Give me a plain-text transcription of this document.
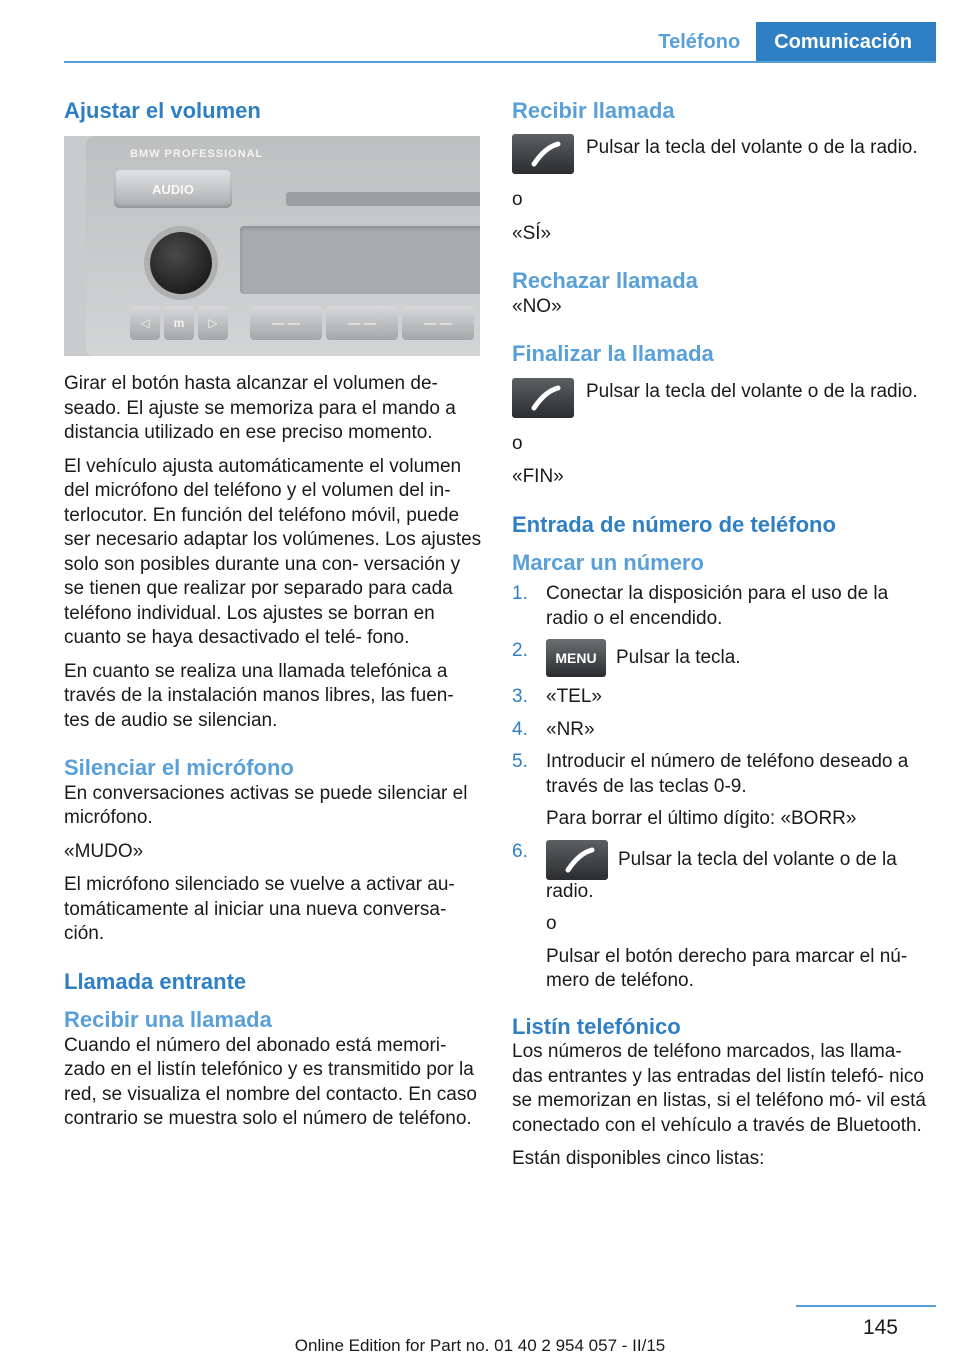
Teléfono	Comunicación
Ajustar el volumen
BMW PROFESSIONAL
AUDIO
◁	m	▷	— —	— —	— —

Girar el botón hasta alcanzar el volumen de- seado. El ajuste se memoriza para el mando a distancia utilizado en ese preciso momento.

El vehículo ajusta automáticamente el volumen del micrófono del teléfono y el volumen del in- terlocutor. En función del teléfono móvil, puede ser necesario adaptar los volúmenes. Los ajustes solo son posibles durante una con- versación y se tienen que realizar por separado para cada teléfono individual. Los ajustes se borran en cuanto se haya desactivado el telé- fono.

En cuanto se realiza una llamada telefónica a través de la instalación manos libres, las fuen- tes de audio se silencian.

Silenciar el micrófono

En conversaciones activas se puede silenciar el micrófono.

«MUDO»

El micrófono silenciado se vuelve a activar au- tomáticamente al iniciar una nueva conversa- ción.

Llamada entrante
Recibir una llamada

Cuando el número del abonado está memori- zado en el listín telefónico y es transmitido por la red, se visualiza el nombre del contacto. En caso contrario se muestra solo el número de teléfono.

Recibir llamada

Pulsar la tecla del volante o de la radio.

o

«SÍ»

Rechazar llamada

«NO»

Finalizar la llamada

Pulsar la tecla del volante o de la radio.

o

«FIN»

Entrada de número de teléfono
Marcar un número
1. Conectar la disposición para el uso de la radio o el encendido.
2.	MENU Pulsar la tecla.
3. «TEL»
4. «NR»
5. Introducir el número de teléfono deseado a través de las teclas 0‑9.
Para borrar el último dígito: «BORR»
6.	Pulsar la tecla del volante o de la radio.
o
Pulsar el botón derecho para marcar el nú- mero de teléfono.
Listín telefónico

Los números de teléfono marcados, las llama- das entrantes y las entradas del listín telefó- nico se memorizan en listas, si el teléfono mó- vil está conectado con el vehículo a través de Bluetooth.

Están disponibles cinco listas:

145
Online Edition for Part no. 01 40 2 954 057 - II/15
